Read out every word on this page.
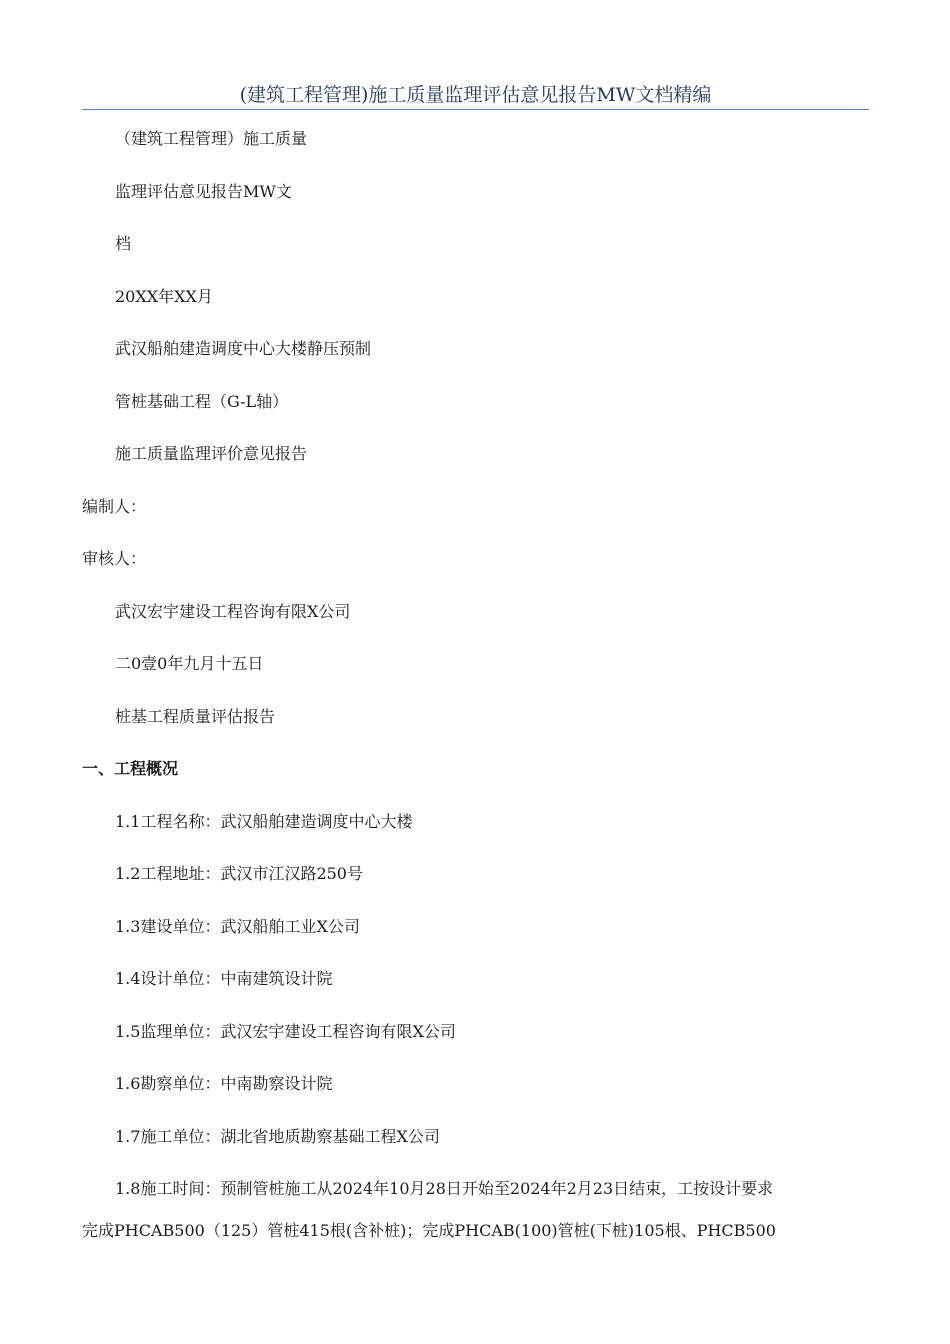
(建筑工程管理)施工质量监理评估意见报告MW文档精编
（建筑工程管理）施工质量
监理评估意见报告MW文
档
20XX年XX月
武汉船舶建造调度中心大楼静压预制
管桩基础工程（G-L轴）
施工质量监理评价意见报告
编制人：
审核人：
武汉宏宇建设工程咨询有限X公司
二0壹0年九月十五日
桩基工程质量评估报告
一、工程概况
1.1工程名称：武汉船舶建造调度中心大楼
1.2工程地址：武汉市江汉路250号
1.3建设单位：武汉船舶工业X公司
1.4设计单位：中南建筑设计院
1.5监理单位：武汉宏宇建设工程咨询有限X公司
1.6勘察单位：中南勘察设计院
1.7施工单位：湖北省地质勘察基础工程X公司
1.8施工时间：预制管桩施工从2024年10月28日开始至2024年2月23日结束，工按设计要求
完成PHCAB500（125）管桩415根(含补桩)；完成PHCAB(100)管桩(下桩)105根、PHCB500
